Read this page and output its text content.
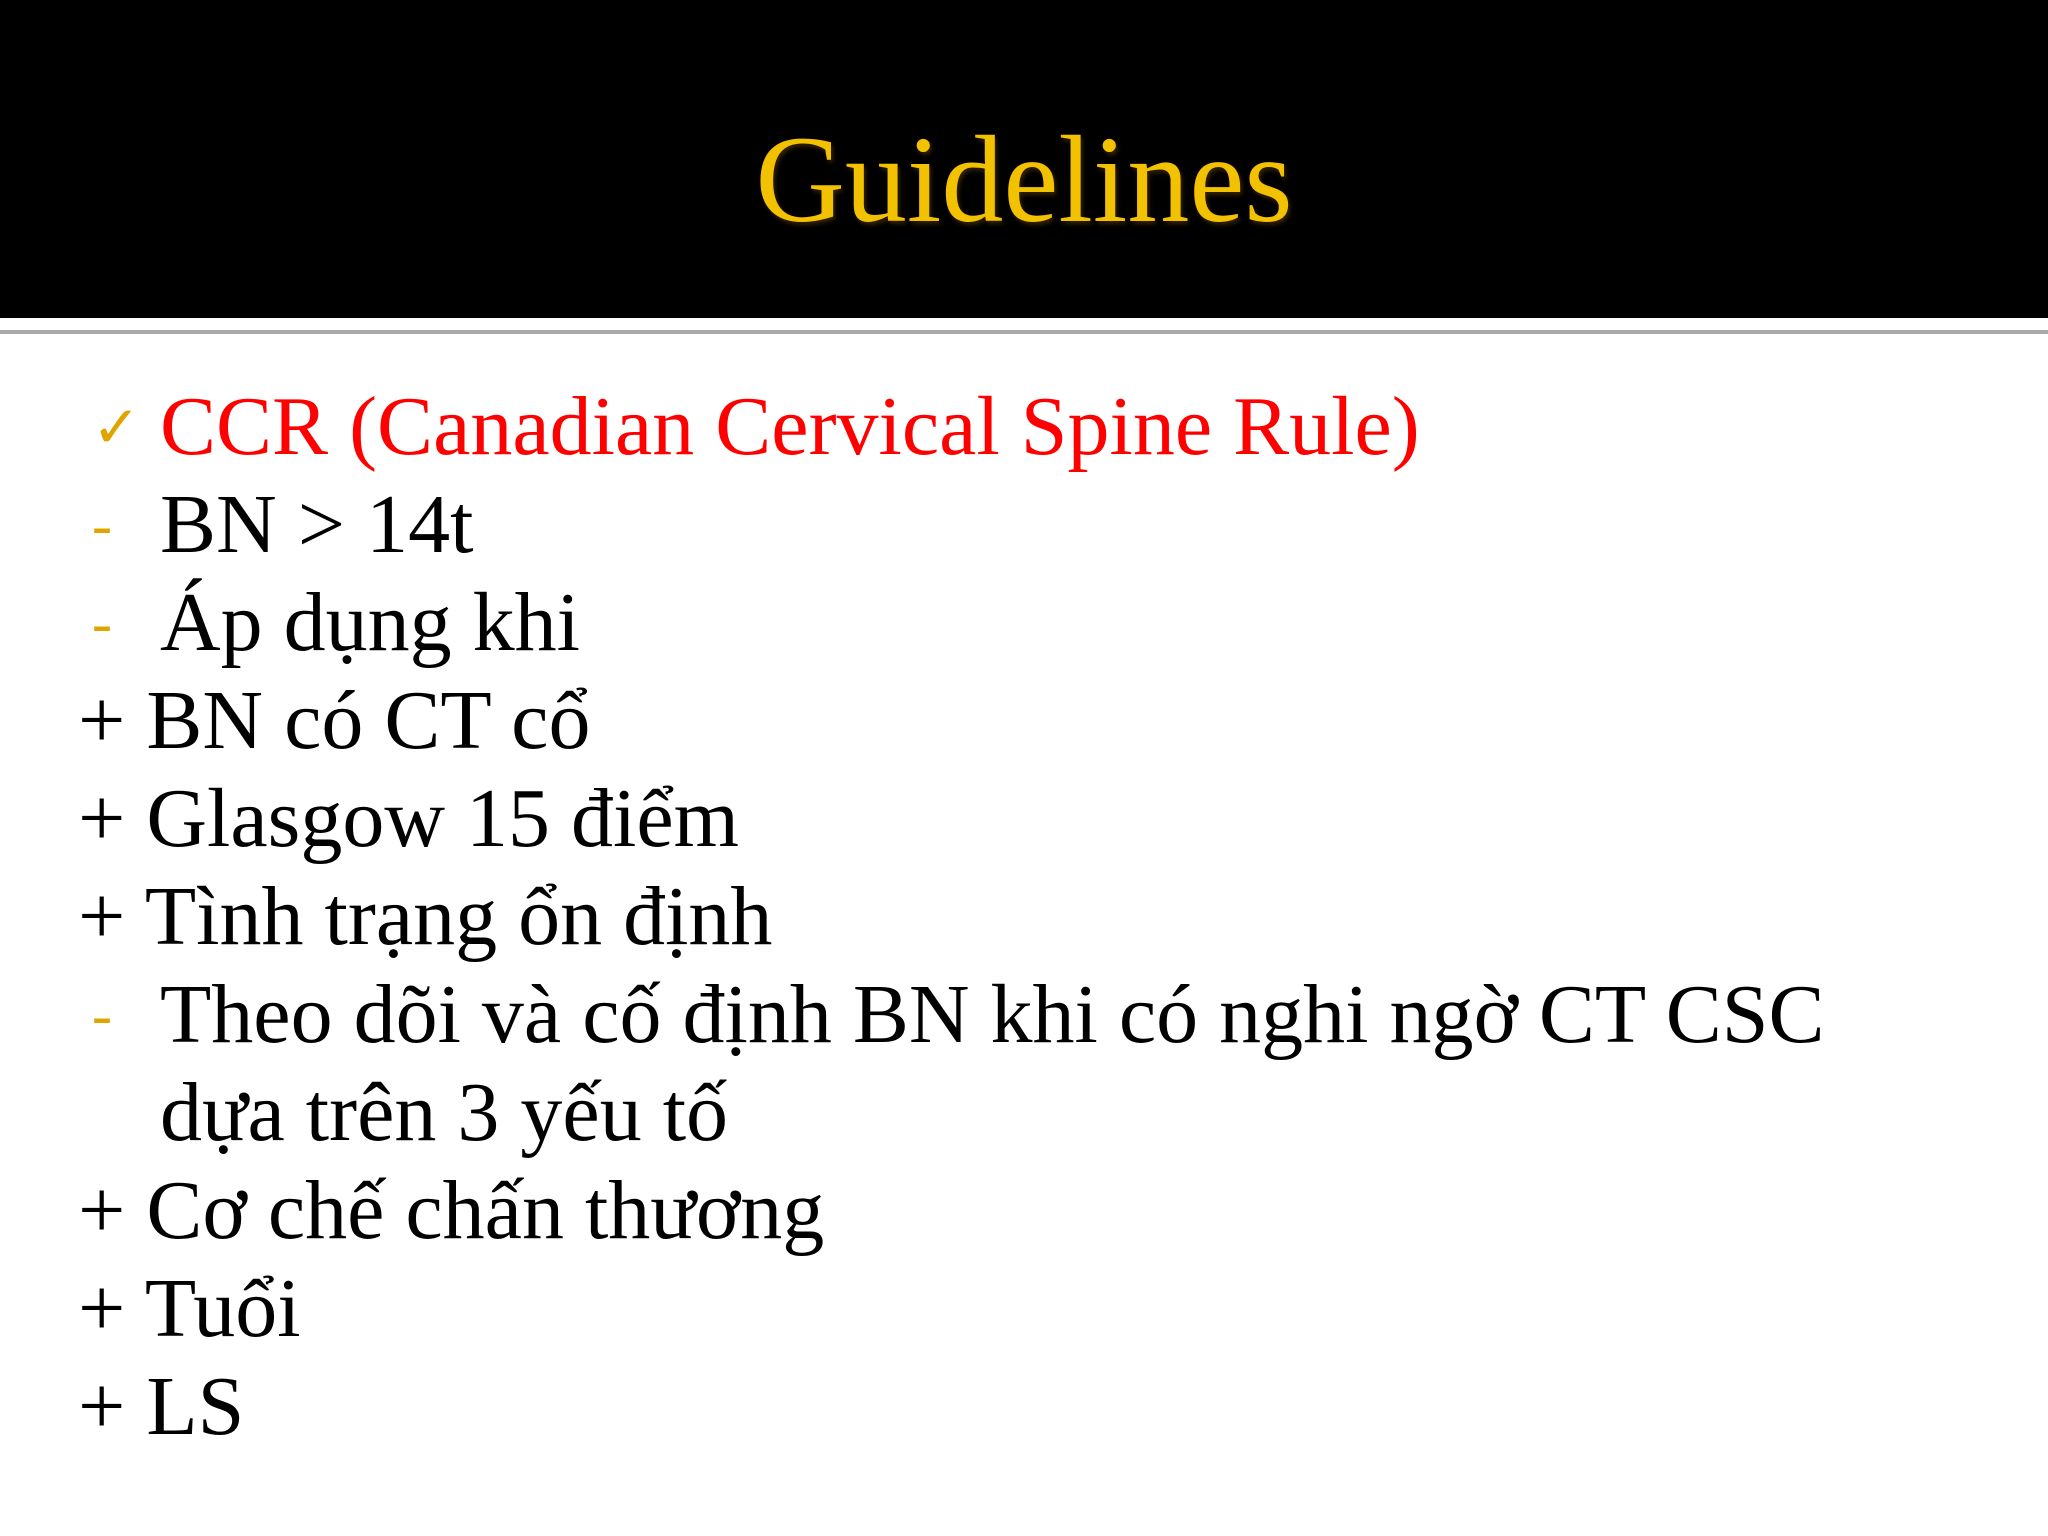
Guidelines
✓ CCR (Canadian Cervical Spine Rule)
- BN > 14t
- Áp dụng khi
+ BN có CT cổ
+ Glasgow 15 điểm
+ Tình trạng ổn định
- Theo dõi và cố định BN khi có nghi ngờ CT CSC
dựa trên 3 yếu tố
+ Cơ chế chấn thương
+ Tuổi
+ LS
